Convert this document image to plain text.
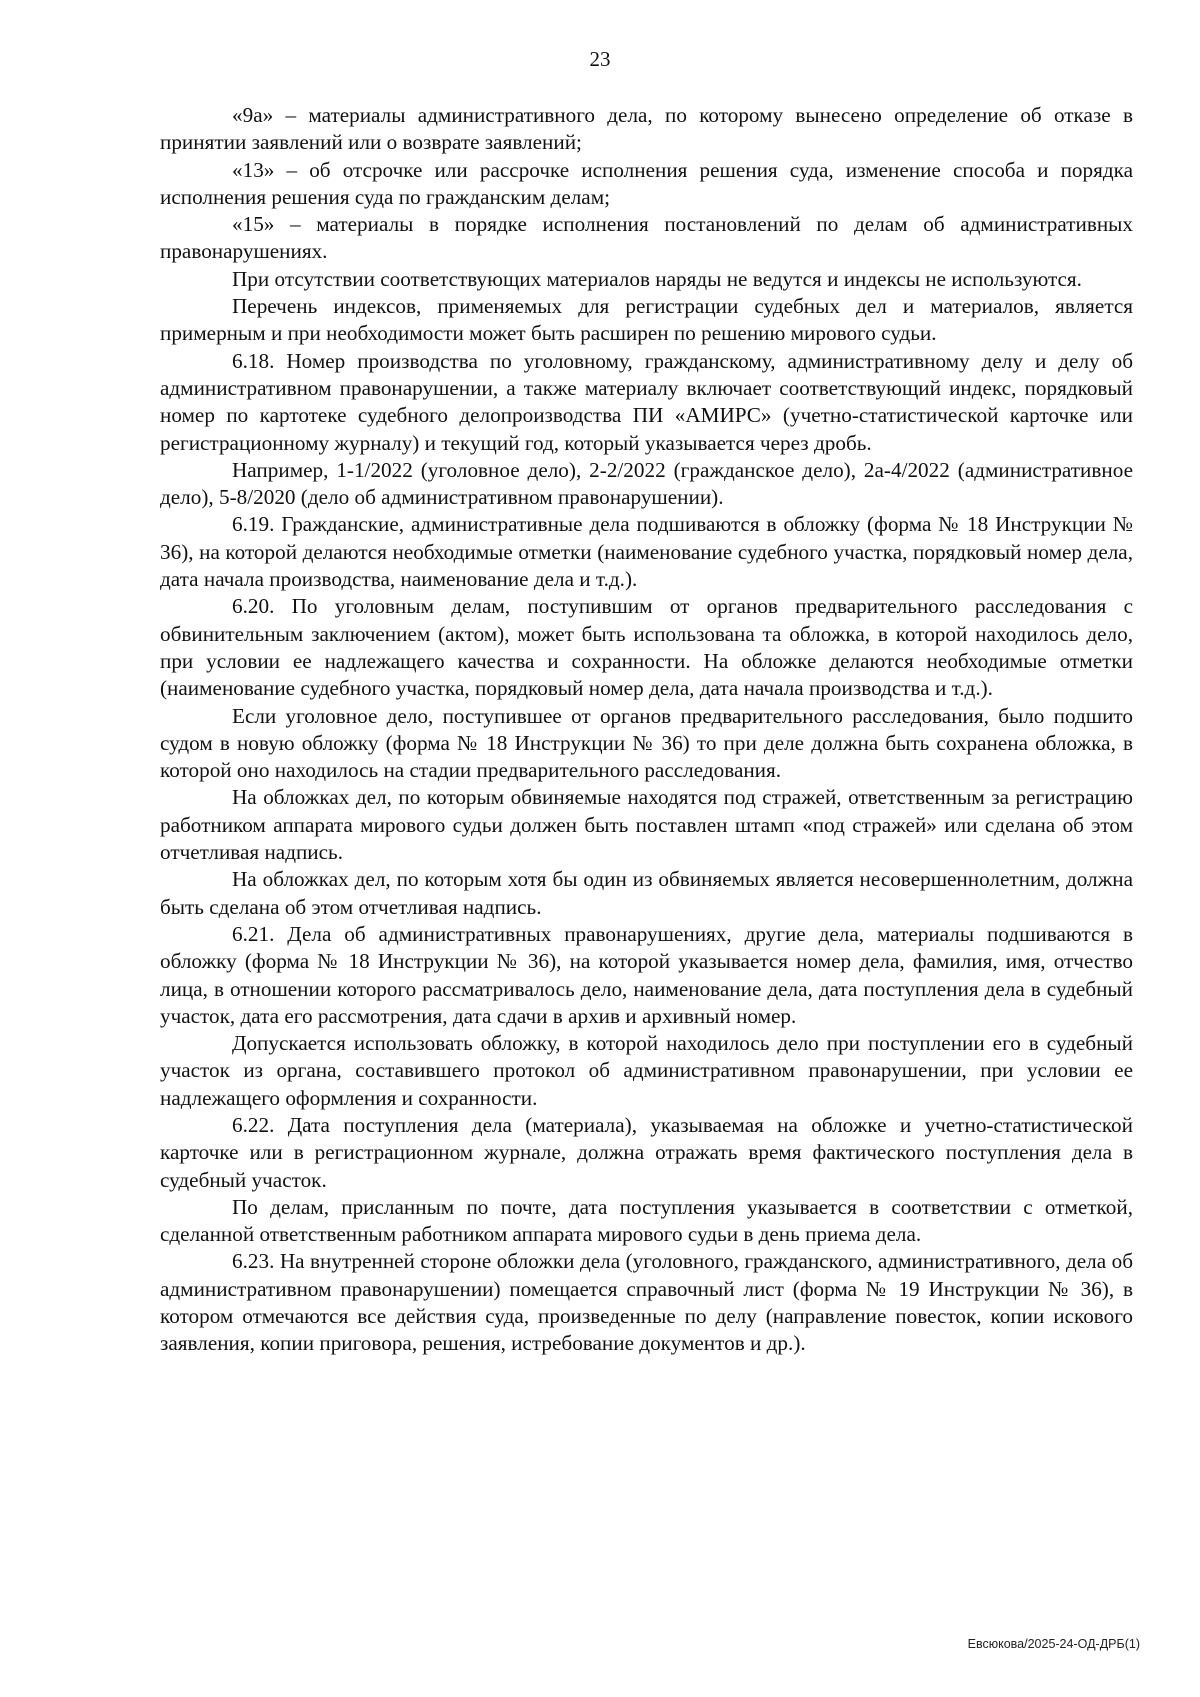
23

«9а» – материалы административного дела, по которому вынесено определение об отказе в принятии заявлений или о возврате заявлений;

«13» – об отсрочке или рассрочке исполнения решения суда, изменение способа и порядка исполнения решения суда по гражданским делам;

«15» – материалы в порядке исполнения постановлений по делам об административных правонарушениях.

При отсутствии соответствующих материалов наряды не ведутся и индексы не используются.

Перечень индексов, применяемых для регистрации судебных дел и материалов, является примерным и при необходимости может быть расширен по решению мирового судьи.

6.18. Номер производства по уголовному, гражданскому, административному делу и делу об административном правонарушении, а также материалу включает соответствующий индекс, порядковый номер по картотеке судебного делопроизводства ПИ «АМИРС» (учетно-статистической карточке или регистрационному журналу) и текущий год, который указывается через дробь.

Например, 1-1/2022 (уголовное дело), 2-2/2022 (гражданское дело), 2а-4/2022 (административное дело), 5-8/2020 (дело об административном правонарушении).

6.19. Гражданские, административные дела подшиваются в обложку (форма № 18 Инструкции № 36), на которой делаются необходимые отметки (наименование судебного участка, порядковый номер дела, дата начала производства, наименование дела и т.д.).

6.20. По уголовным делам, поступившим от органов предварительного расследования с обвинительным заключением (актом), может быть использована та обложка, в которой находилось дело, при условии ее надлежащего качества и сохранности. На обложке делаются необходимые отметки (наименование судебного участка, порядковый номер дела, дата начала производства и т.д.).

Если уголовное дело, поступившее от органов предварительного расследования, было подшито судом в новую обложку (форма № 18 Инструкции № 36) то при деле должна быть сохранена обложка, в которой оно находилось на стадии предварительного расследования.

На обложках дел, по которым обвиняемые находятся под стражей, ответственным за регистрацию работником аппарата мирового судьи должен быть поставлен штамп «под стражей» или сделана об этом отчетливая надпись.

На обложках дел, по которым хотя бы один из обвиняемых является несовершеннолетним, должна быть сделана об этом отчетливая надпись.

6.21. Дела об административных правонарушениях, другие дела, материалы подшиваются в обложку (форма № 18 Инструкции № 36), на которой указывается номер дела, фамилия, имя, отчество лица, в отношении которого рассматривалось дело, наименование дела, дата поступления дела в судебный участок, дата его рассмотрения, дата сдачи в архив и архивный номер.

Допускается использовать обложку, в которой находилось дело при поступлении его в судебный участок из органа, составившего протокол об административном правонарушении, при условии ее надлежащего оформления и сохранности.

6.22. Дата поступления дела (материала), указываемая на обложке и учетно-статистической карточке или в регистрационном журнале, должна отражать время фактического поступления дела в судебный участок.

По делам, присланным по почте, дата поступления указывается в соответствии с отметкой, сделанной ответственным работником аппарата мирового судьи в день приема дела.

6.23. На внутренней стороне обложки дела (уголовного, гражданского, административного, дела об административном правонарушении) помещается справочный лист (форма № 19 Инструкции № 36), в котором отмечаются все действия суда, произведенные по делу (направление повесток, копии искового заявления, копии приговора, решения, истребование документов и др.).

Евсюкова/2025-24-ОД-ДРБ(1)
